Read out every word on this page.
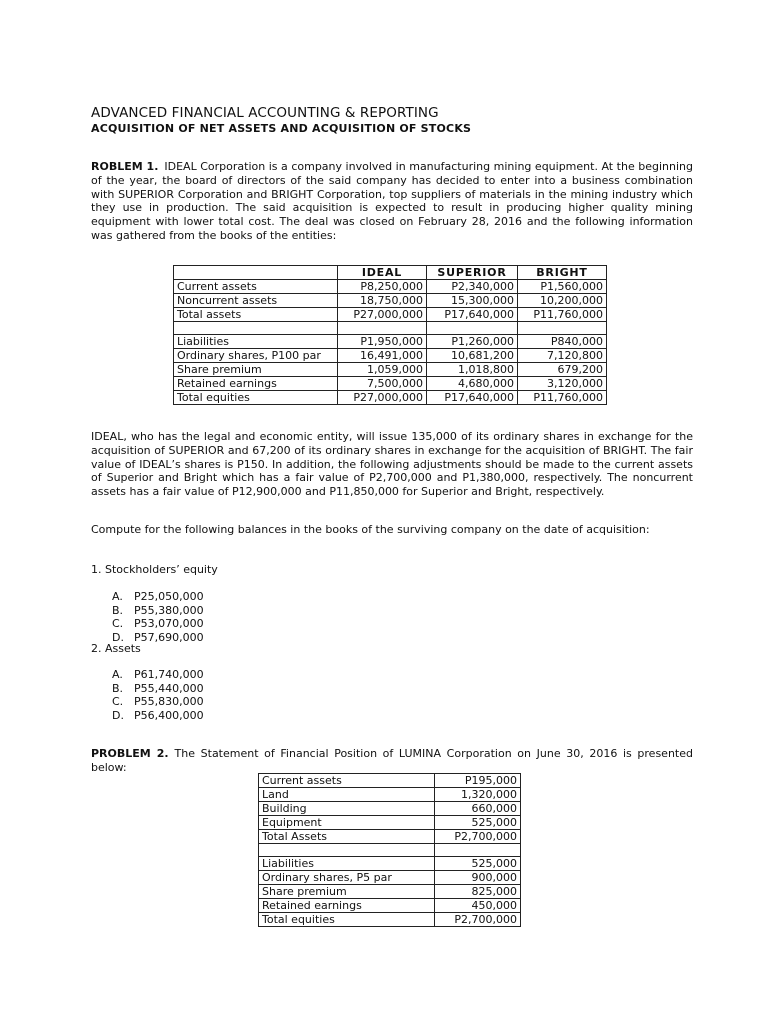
ADVANCED FINANCIAL ACCOUNTING & REPORTING
ACQUISITION OF NET ASSETS AND ACQUISITION OF STOCKS
ROBLEM 1. IDEAL Corporation is a company involved in manufacturing mining equipment. At the beginning of the year, the board of directors of the said company has decided to enter into a business combination with SUPERIOR Corporation and BRIGHT Corporation, top suppliers of materials in the mining industry which they use in production. The said acquisition is expected to result in producing higher quality mining equipment with lower total cost. The deal was closed on February 28, 2016 and the following information was gathered from the books of the entities:
	IDEAL	SUPERIOR	BRIGHT
Current assets	P8,250,000	P2,340,000	P1,560,000
Noncurrent assets	18,750,000	15,300,000	10,200,000
Total assets	P27,000,000	P17,640,000	P11,760,000

Liabilities	P1,950,000	P1,260,000	P840,000
Ordinary shares, P100 par	16,491,000	10,681,200	7,120,800
Share premium	1,059,000	1,018,800	679,200
Retained earnings	7,500,000	4,680,000	3,120,000
Total equities	P27,000,000	P17,640,000	P11,760,000
IDEAL, who has the legal and economic entity, will issue 135,000 of its ordinary shares in exchange for the acquisition of SUPERIOR and 67,200 of its ordinary shares in exchange for the acquisition of BRIGHT. The fair value of IDEAL’s shares is P150. In addition, the following adjustments should be made to the current assets of Superior and Bright which has a fair value of P2,700,000 and P1,380,000, respectively. The noncurrent assets has a fair value of P12,900,000 and P11,850,000 for Superior and Bright, respectively.
Compute for the following balances in the books of the surviving company on the date of acquisition:
1. Stockholders’ equity
A. P25,050,000
B. P55,380,000
C. P53,070,000
D. P57,690,000
2. Assets
A. P61,740,000
B. P55,440,000
C. P55,830,000
D. P56,400,000
PROBLEM 2. The Statement of Financial Position of LUMINA Corporation on June 30, 2016 is presented below:
Current assets	P195,000
Land	1,320,000
Building	660,000
Equipment	525,000
Total Assets	P2,700,000

Liabilities	525,000
Ordinary shares, P5 par	900,000
Share premium	825,000
Retained earnings	450,000
Total equities	P2,700,000
